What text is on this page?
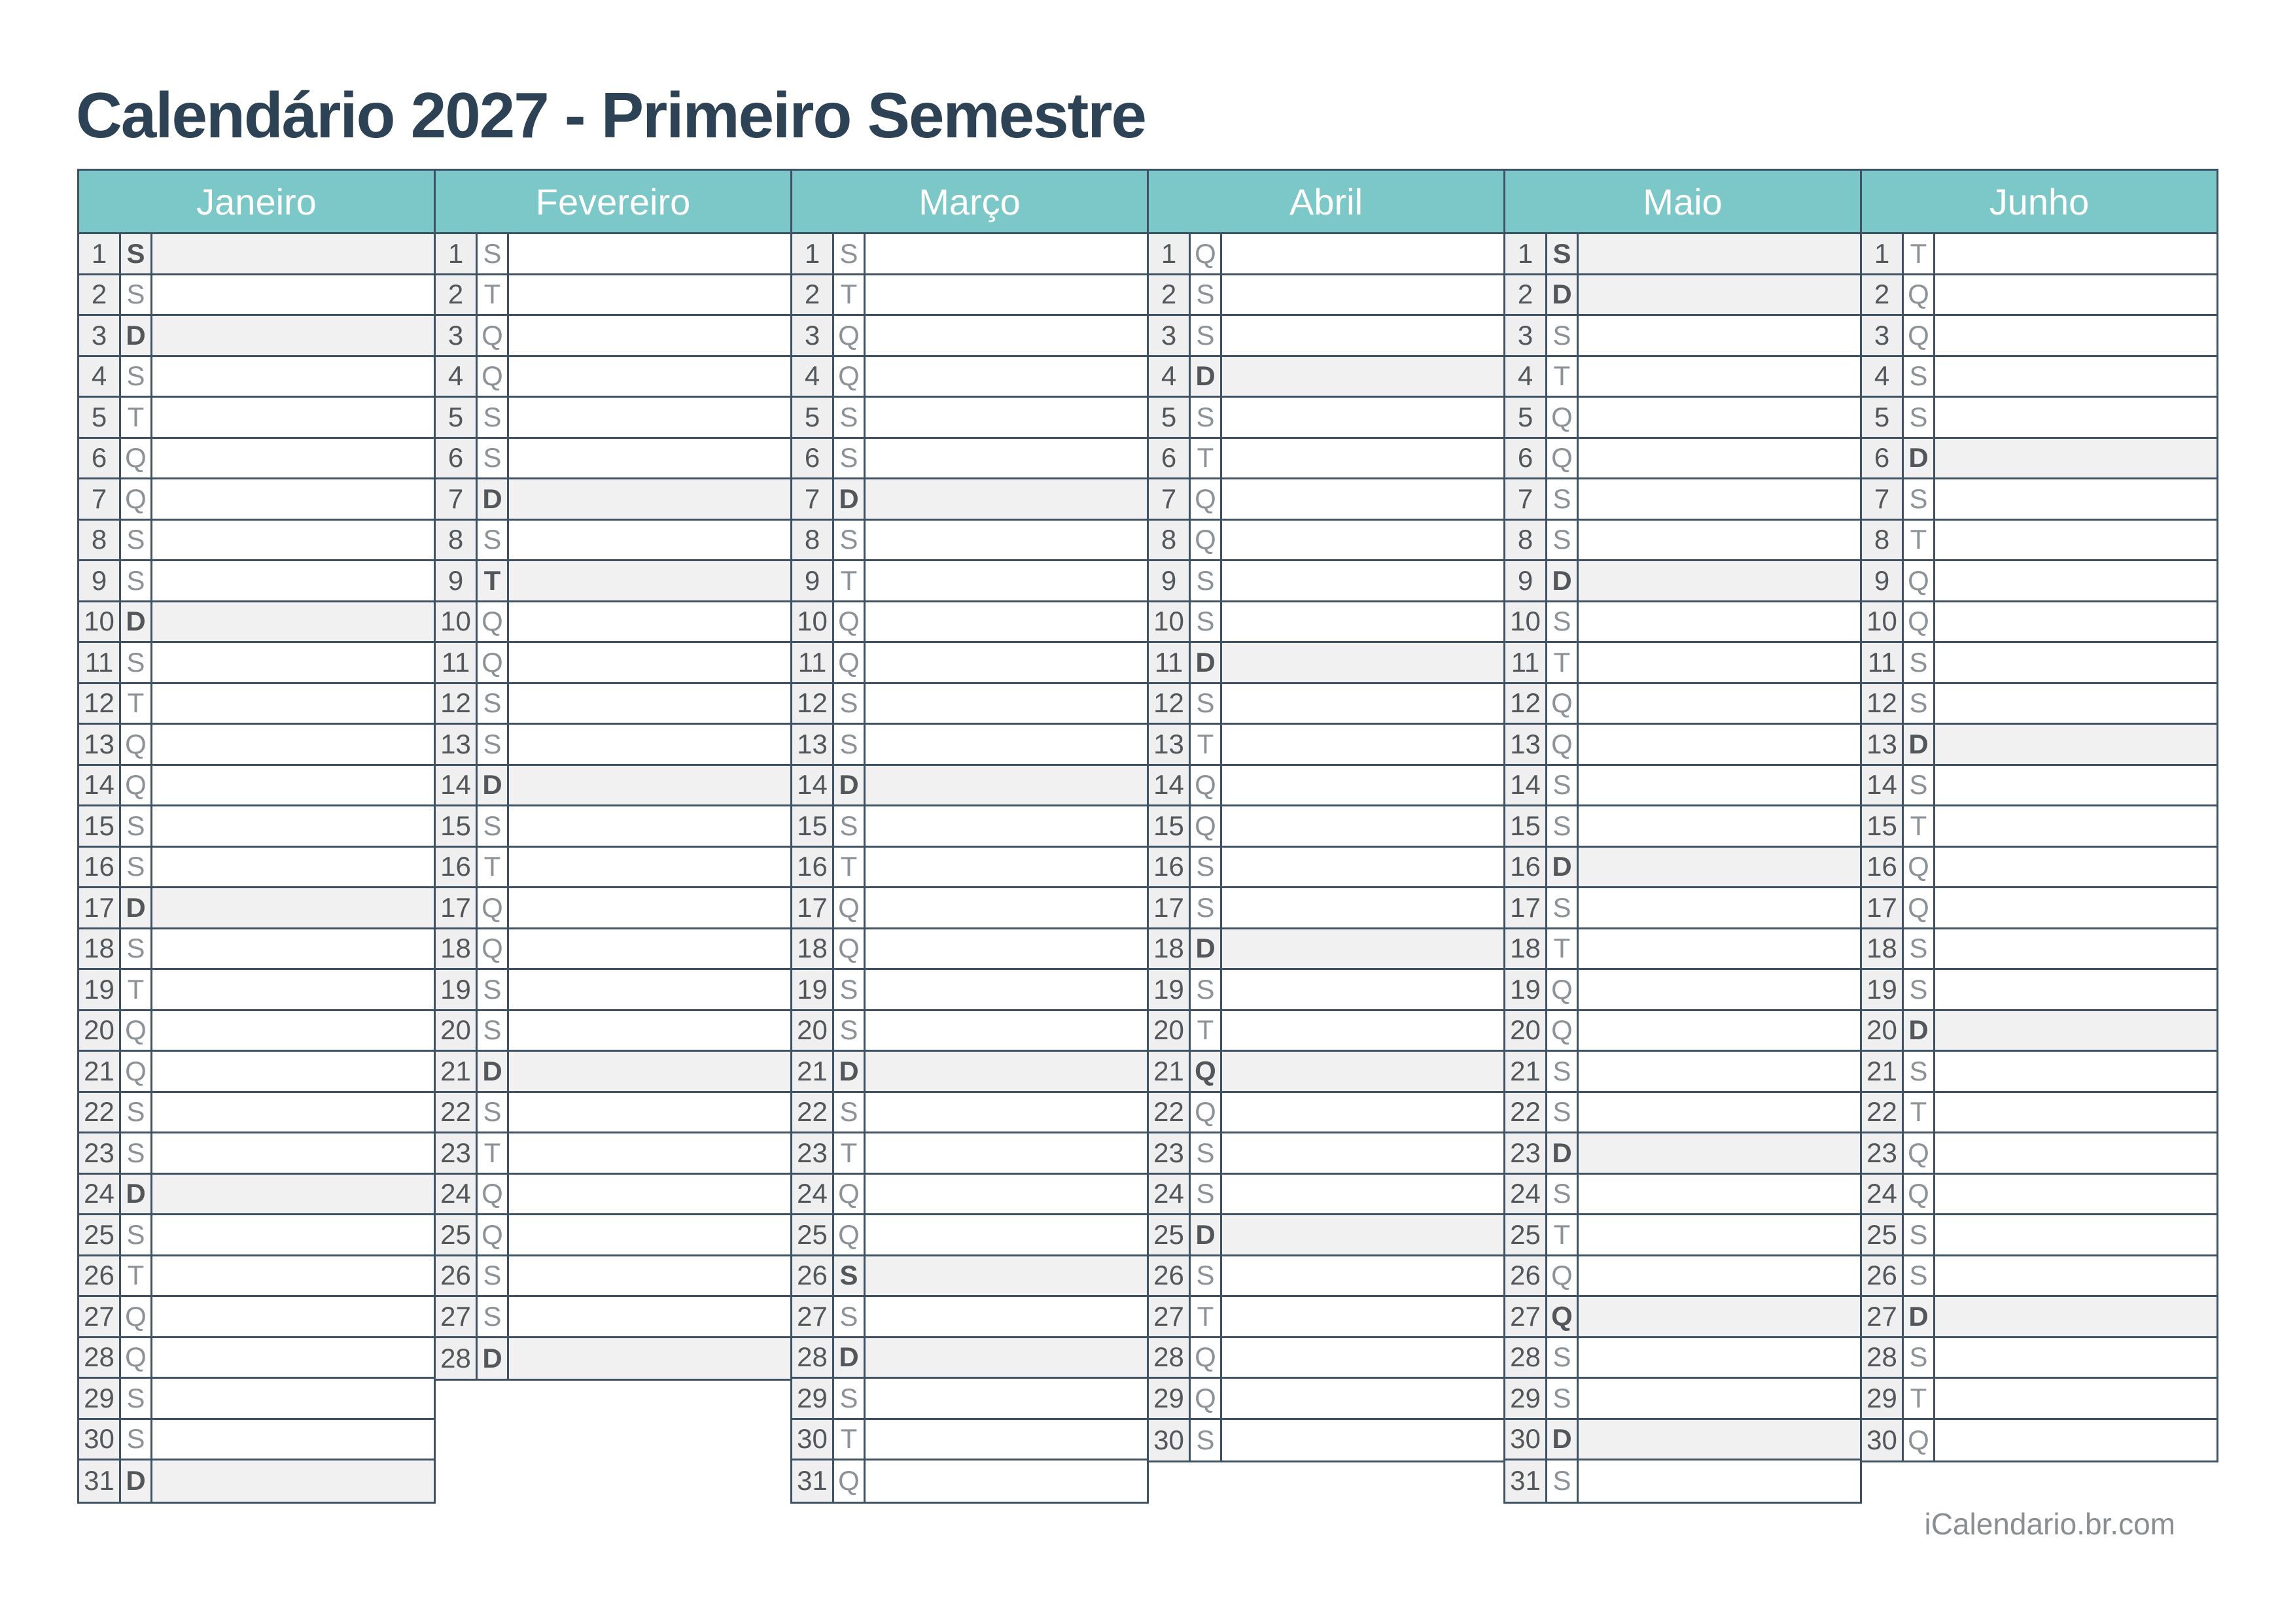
Calendário 2027 - Primeiro Semestre
Janeiro
1 S
2 S
3 D
4 S
5 T
6 Q
7 Q
8 S
9 S
10 D
11 S
12 T
13 Q
14 Q
15 S
16 S
17 D
18 S
19 T
20 Q
21 Q
22 S
23 S
24 D
25 S
26 T
27 Q
28 Q
29 S
30 S
31 D
Fevereiro
1 S
2 T
3 Q
4 Q
5 S
6 S
7 D
8 S
9 T
10 Q
11 Q
12 S
13 S
14 D
15 S
16 T
17 Q
18 Q
19 S
20 S
21 D
22 S
23 T
24 Q
25 Q
26 S
27 S
28 D
Março
1 S
2 T
3 Q
4 Q
5 S
6 S
7 D
8 S
9 T
10 Q
11 Q
12 S
13 S
14 D
15 S
16 T
17 Q
18 Q
19 S
20 S
21 D
22 S
23 T
24 Q
25 Q
26 S
27 S
28 D
29 S
30 T
31 Q
Abril
1 Q
2 S
3 S
4 D
5 S
6 T
7 Q
8 Q
9 S
10 S
11 D
12 S
13 T
14 Q
15 Q
16 S
17 S
18 D
19 S
20 T
21 Q
22 Q
23 S
24 S
25 D
26 S
27 T
28 Q
29 Q
30 S
Maio
1 S
2 D
3 S
4 T
5 Q
6 Q
7 S
8 S
9 D
10 S
11 T
12 Q
13 Q
14 S
15 S
16 D
17 S
18 T
19 Q
20 Q
21 S
22 S
23 D
24 S
25 T
26 Q
27 Q
28 S
29 S
30 D
31 S
Junho
1 T
2 Q
3 Q
4 S
5 S
6 D
7 S
8 T
9 Q
10 Q
11 S
12 S
13 D
14 S
15 T
16 Q
17 Q
18 S
19 S
20 D
21 S
22 T
23 Q
24 Q
25 S
26 S
27 D
28 S
29 T
30 Q
iCalendario.br.com
